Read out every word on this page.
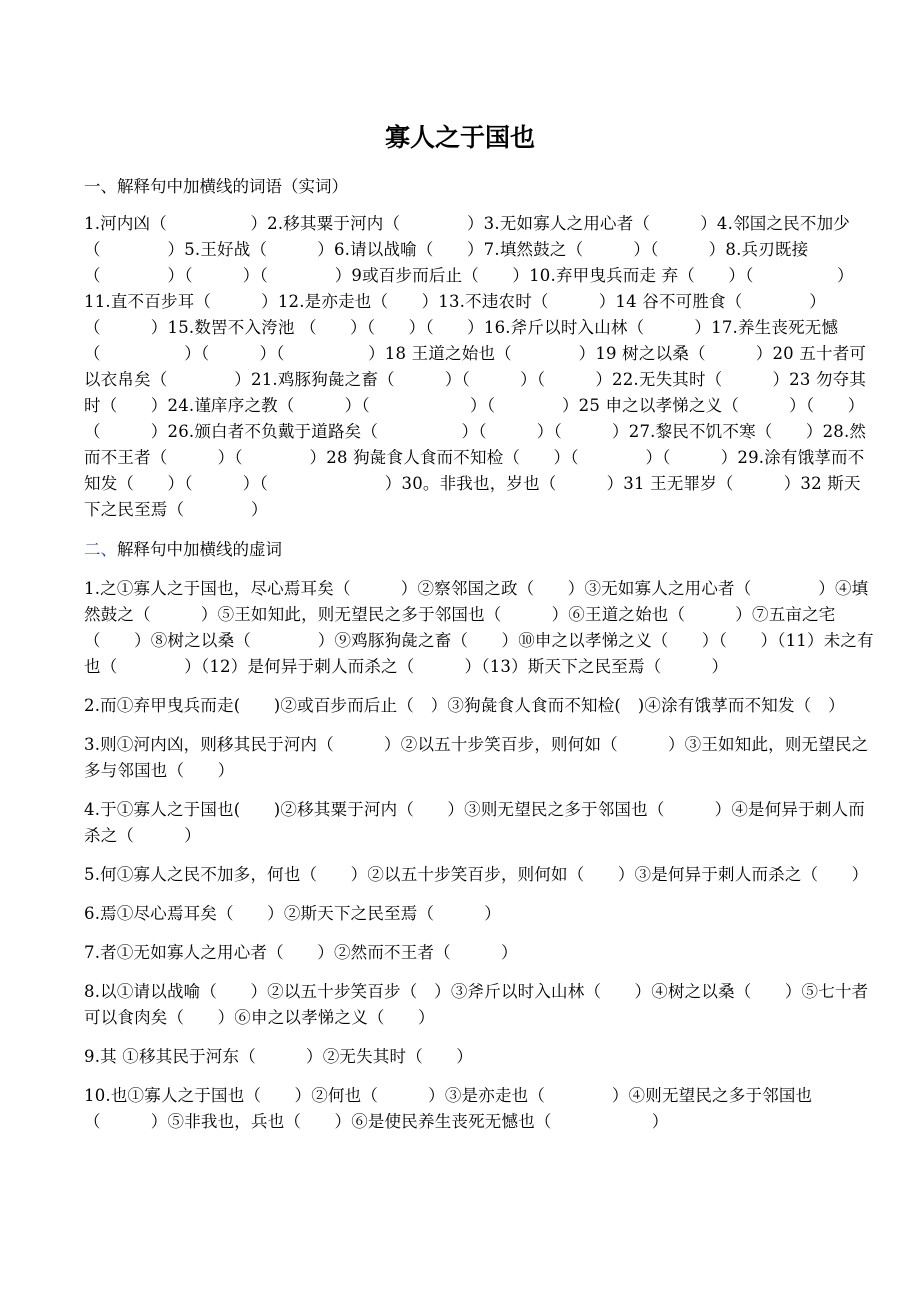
寡人之于国也
一、解释句中加横线的词语（实词）
1.河内凶（　　　　　）2.移其粟于河内（　　　　）3.无如寡人之用心者（　　　）4.邻国之民不加少（　　　　）5.王好战（　　　）6.请以战喻（　　）7.填然鼓之（　　　）（　　　）8.兵刃既接 （　　　　）（　　　）（　　　　）9或百步而后止（　　）10.弃甲曳兵而走 弃（　　）（　　　　　）11.直不百步耳（　　　）12.是亦走也（　　）13.不违农时（　　　）14 谷不可胜食（　　　　）（　　　）15.数罟不入洿池 （　　）（　　）（　　）16.斧斤以时入山林（　　　）17.养生丧死无憾（　　　　　）（　　　）（　　　　　）18 王道之始也（　　　　）19 树之以桑（　　　）20 五十者可以衣帛矣（　　　　）21.鸡豚狗彘之畜（　　　）（　　　）（　　　）22.无失其时（　　　）23 勿夺其时（　　）24.谨庠序之教（　　　）（　　　　　　）（　　　　）25 申之以孝悌之义（　　　）（　　）（　　　）26.颁白者不负戴于道路矣（　　　　　）（　　　）（　　　）27.黎民不饥不寒（　　）28.然而不王者（　　　）（　　　　）28 狗彘食人食而不知检（　　）（　　　　）（　　　）29.涂有饿莩而不知发（　　）（　　　）（　　　　　　　）30。非我也，岁也（　　　）31 王无罪岁（　　　）32 斯天下之民至焉（　　　　）
二、解释句中加横线的虚词

1.之①寡人之于国也，尽心焉耳矣（　　　）②察邻国之政（　　）③无如寡人之用心者（　　　　）④填然鼓之（　　　）⑤王如知此，则无望民之多于邻国也（　　　）⑥王道之始也（　　　）⑦五亩之宅（　　）⑧树之以桑（　　　　）⑨鸡豚狗彘之畜（　　）⑩申之以孝悌之义（　　）（　　）（11）未之有也（　　　　）（12）是何异于刺人而杀之（　　　）（13）斯天下之民至焉（　　　）

2.而①弃甲曳兵而走(　　)②或百步而后止（　）③狗彘食人食而不知检(　)④涂有饿莩而不知发（　）

3.则①河内凶，则移其民于河内（　　　）②以五十步笑百步，则何如（　　　）③王如知此，则无望民之多与邻国也（　　）

4.于①寡人之于国也(　　)②移其粟于河内（　　）③则无望民之多于邻国也（　　　）④是何异于刺人而杀之（　　　）

5.何①寡人之民不加多，何也（　　）②以五十步笑百步，则何如（　　）③是何异于刺人而杀之（　　）

6.焉①尽心焉耳矣（　　）②斯天下之民至焉（　　　）

7.者①无如寡人之用心者（　　）②然而不王者（　　　）

8.以①请以战喻（　　）②以五十步笑百步（　）③斧斤以时入山林（　　）④树之以桑（　　）⑤七十者可以食肉矣（　　）⑥申之以孝悌之义（　　）

9.其 ①移其民于河东（　　　）②无失其时（　　）

10.也①寡人之于国也（　　）②何也（　　　）③是亦走也（　　　　）④则无望民之多于邻国也（　　　）⑤非我也，兵也（　　）⑥是使民养生丧死无憾也（　　　　　　）
